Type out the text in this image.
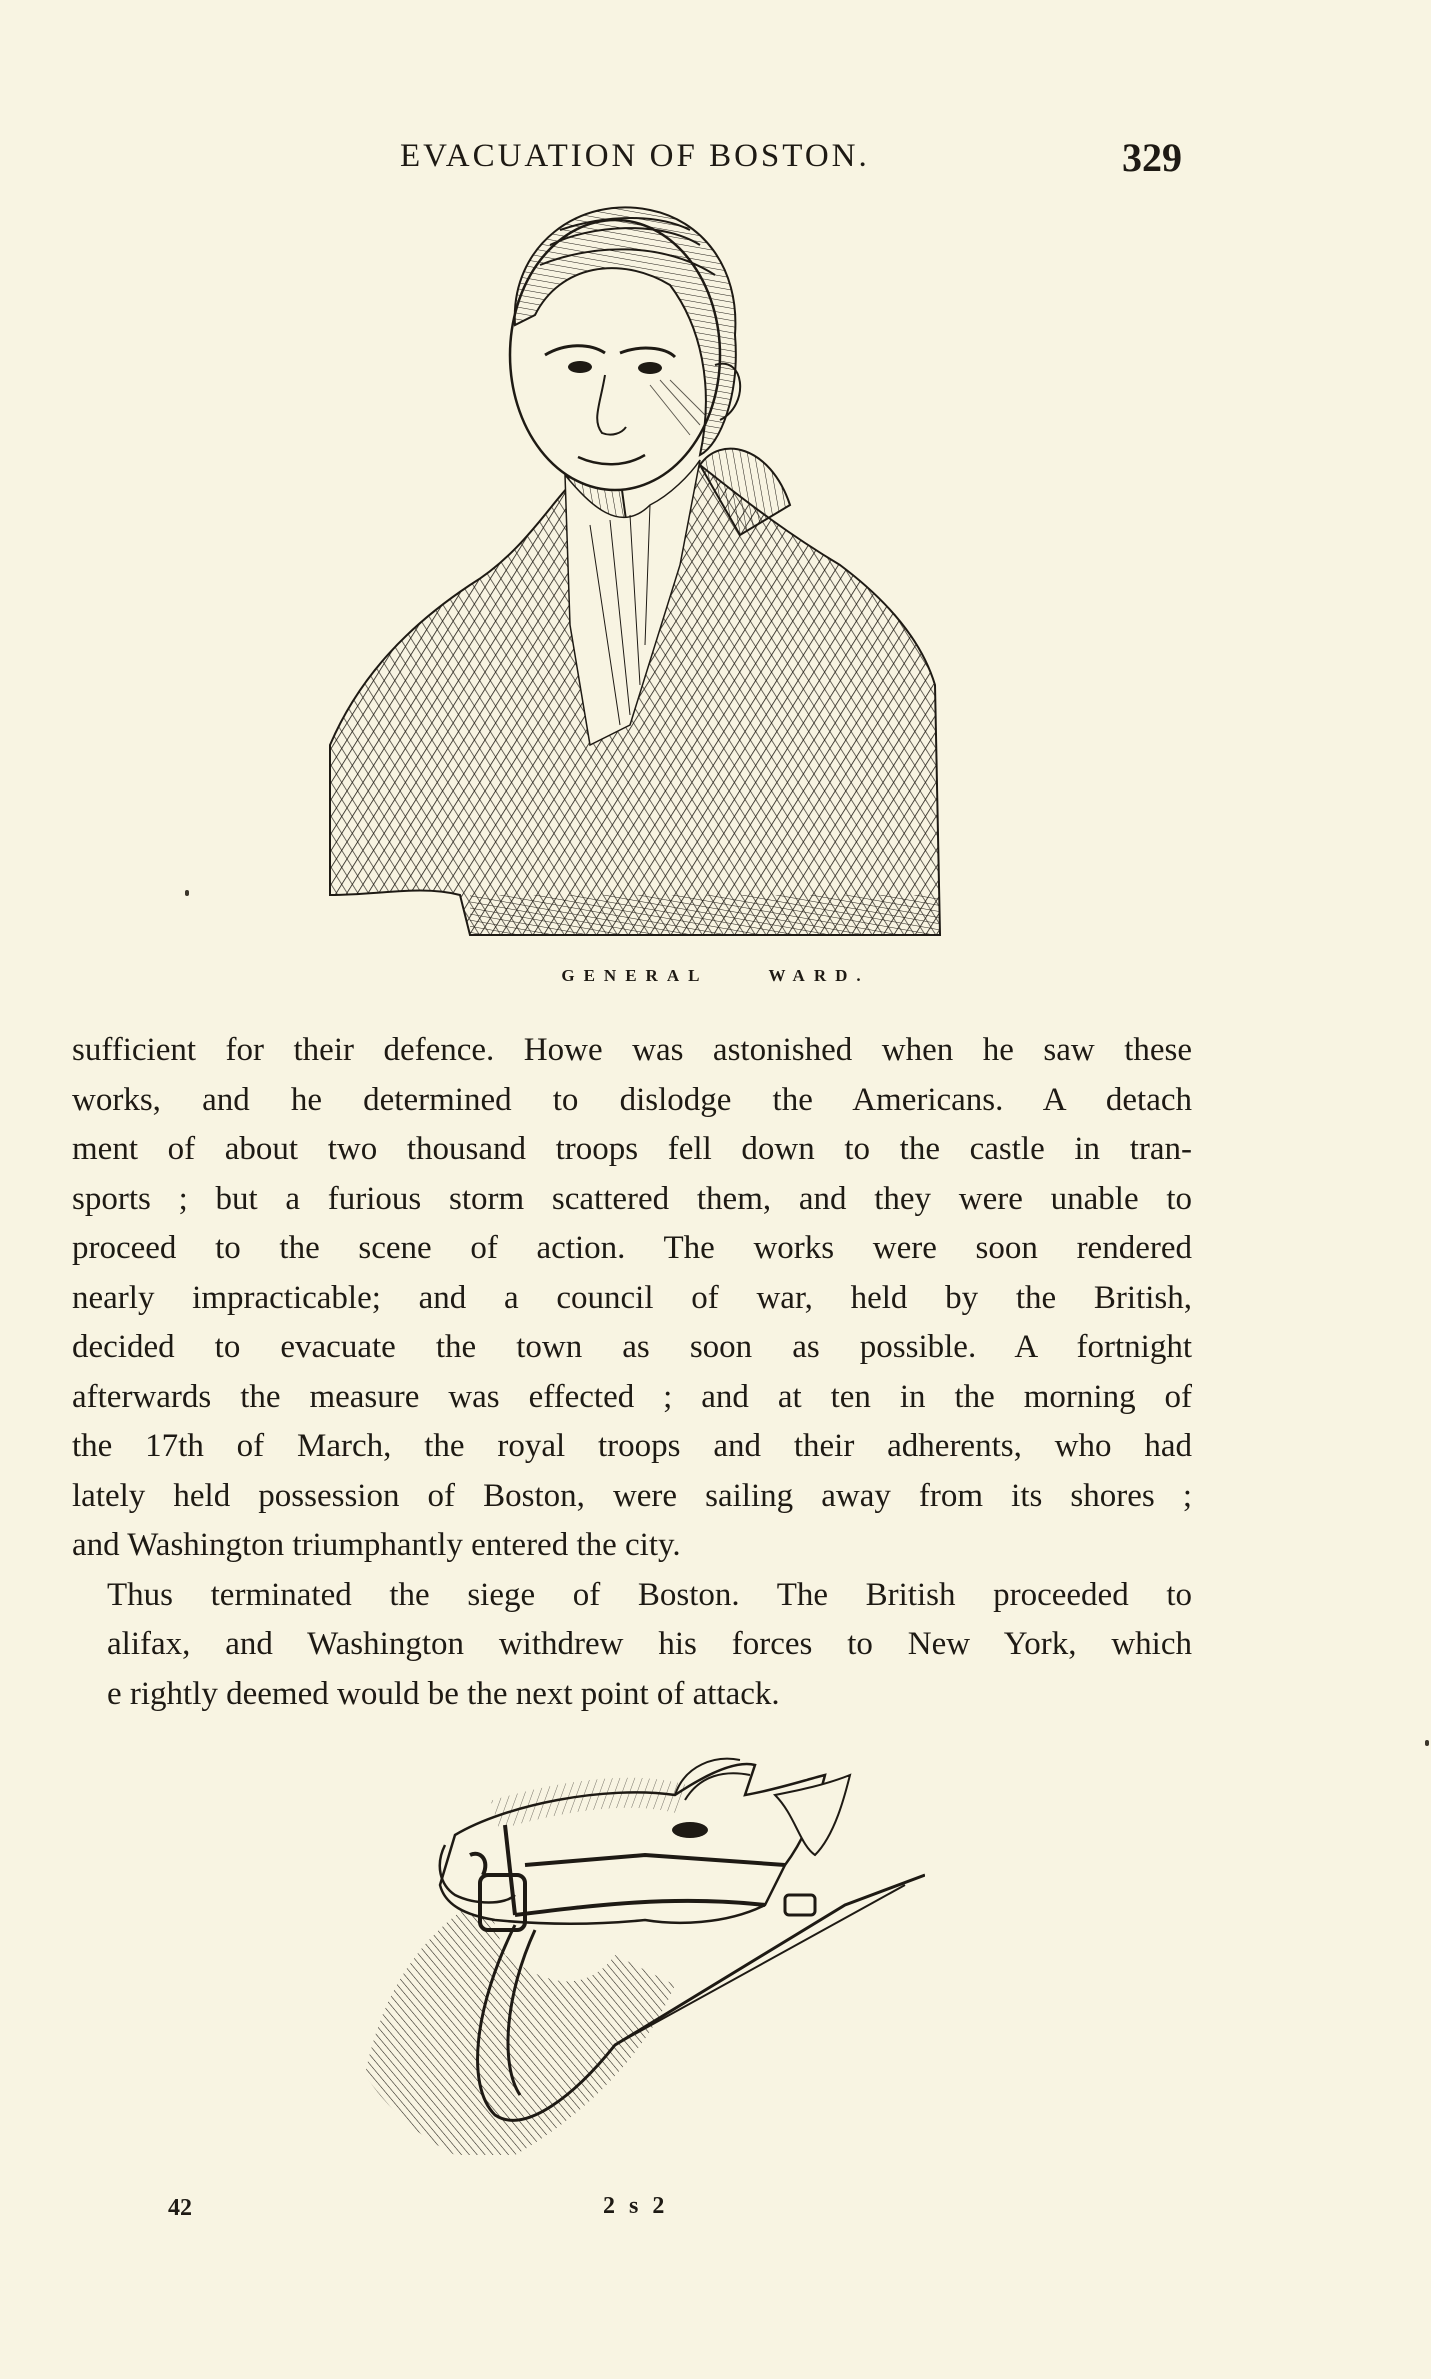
EVACUATION OF BOSTON.	329
GENERAL	WARD.
sufficient for their defence. Howe was astonished when he saw these
works, and he determined to dislodge the Americans. A detach
ment of about two thousand troops fell down to the castle in tran-
sports ; but a furious storm scattered them, and they were unable to
proceed to the scene of action. The works were soon rendered
nearly impracticable; and a council of war, held by the British,
decided to evacuate the town as soon as possible. A fortnight
afterwards the measure was effected ; and at ten in the morning of
the 17th of March, the royal troops and their adherents, who had
lately held possession of Boston, were sailing away from its shores ;
and Washington triumphantly entered the city.
Thus terminated the siege of Boston. The British proceeded to
alifax, and Washington withdrew his forces to New York, which
e rightly deemed would be the next point of attack.
42	2 s 2
